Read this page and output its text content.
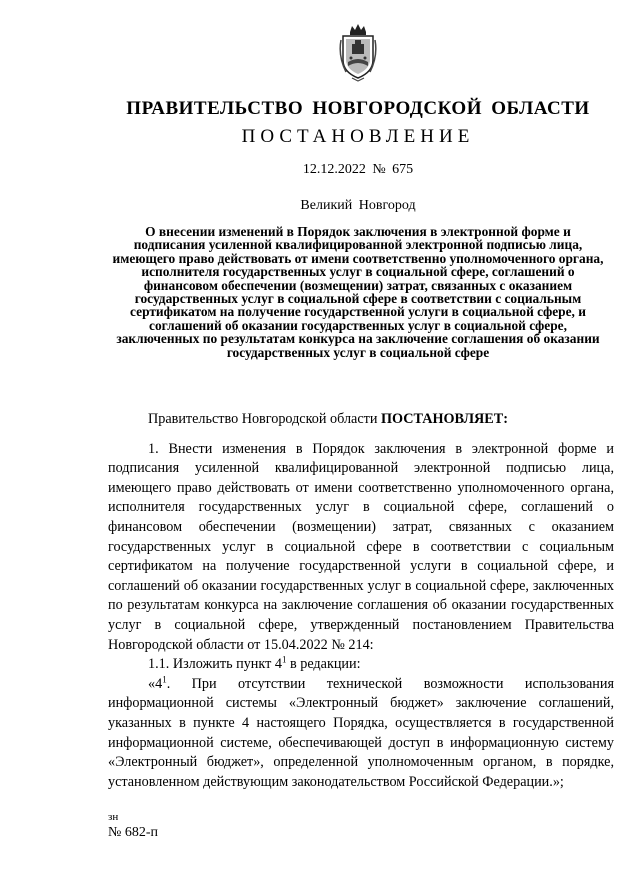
ПРАВИТЕЛЬСТВО НОВГОРОДСКОЙ ОБЛАСТИ
ПОСТАНОВЛЕНИЕ
12.12.2022 № 675
Великий Новгород
О внесении изменений в Порядок заключения в электронной форме и подписания усиленной квалифицированной электронной подписью лица, имеющего право действовать от имени соответственно уполномоченного органа, исполнителя государственных услуг в социальной сфере, соглашений о финансовом обеспечении (возмещении) затрат, связанных с оказанием государственных услуг в социальной сфере в соответствии с социальным сертификатом на получение государственной услуги в социальной сфере, и соглашений об оказании государственных услуг в социальной сфере, заключенных по результатам конкурса на заключение соглашения об оказании государственных услуг в социальной сфере

Правительство Новгородской области ПОСТАНОВЛЯЕТ:

1. Внести изменения в Порядок заключения в электронной форме и подписания усиленной квалифицированной электронной подписью лица, имеющего право действовать от имени соответственно уполномоченного органа, исполнителя государственных услуг в социальной сфере, соглашений о финансовом обеспечении (возмещении) затрат, связанных с оказанием государственных услуг в социальной сфере в соответствии с социальным сертификатом на получение государственной услуги в социальной сфере, и соглашений об оказании государственных услуг в социальной сфере, заключенных по результатам конкурса на заключение соглашения об оказании государственных услуг в социальной сфере, утвержденный постановлением Правительства Новгородской области от 15.04.2022 № 214:

1.1. Изложить пункт $4^1$ в редакции:

«$4^1$. При отсутствии технической возможности использования информационной системы «Электронный бюджет» заключение соглашений, указанных в пункте 4 настоящего Порядка, осуществляется в государственной информационной системе, обеспечивающей доступ в информационную систему «Электронный бюджет», определенной уполномоченным органом, в порядке, установленном действующим законодательством Российской Федерации.»;

зн
№ 682-п
